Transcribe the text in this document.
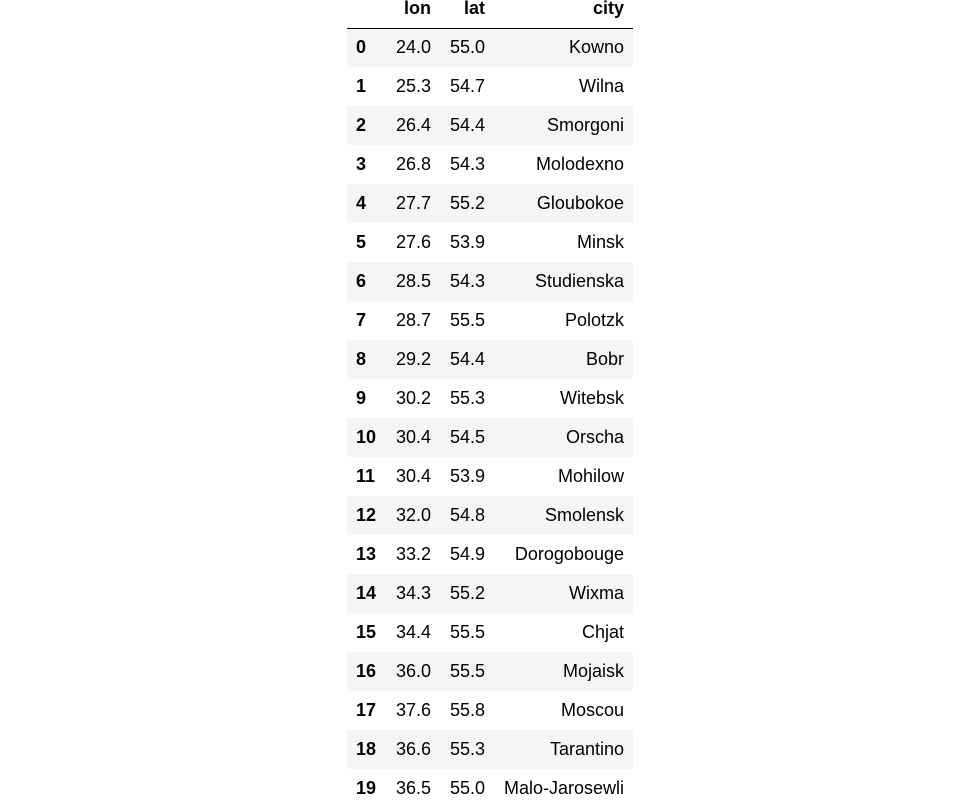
	lon	lat	city
0	24.0	55.0	Kowno
1	25.3	54.7	Wilna
2	26.4	54.4	Smorgoni
3	26.8	54.3	Molodexno
4	27.7	55.2	Gloubokoe
5	27.6	53.9	Minsk
6	28.5	54.3	Studienska
7	28.7	55.5	Polotzk
8	29.2	54.4	Bobr
9	30.2	55.3	Witebsk
10	30.4	54.5	Orscha
11	30.4	53.9	Mohilow
12	32.0	54.8	Smolensk
13	33.2	54.9	Dorogobouge
14	34.3	55.2	Wixma
15	34.4	55.5	Chjat
16	36.0	55.5	Mojaisk
17	37.6	55.8	Moscou
18	36.6	55.3	Tarantino
19	36.5	55.0	Malo-Jarosewli
